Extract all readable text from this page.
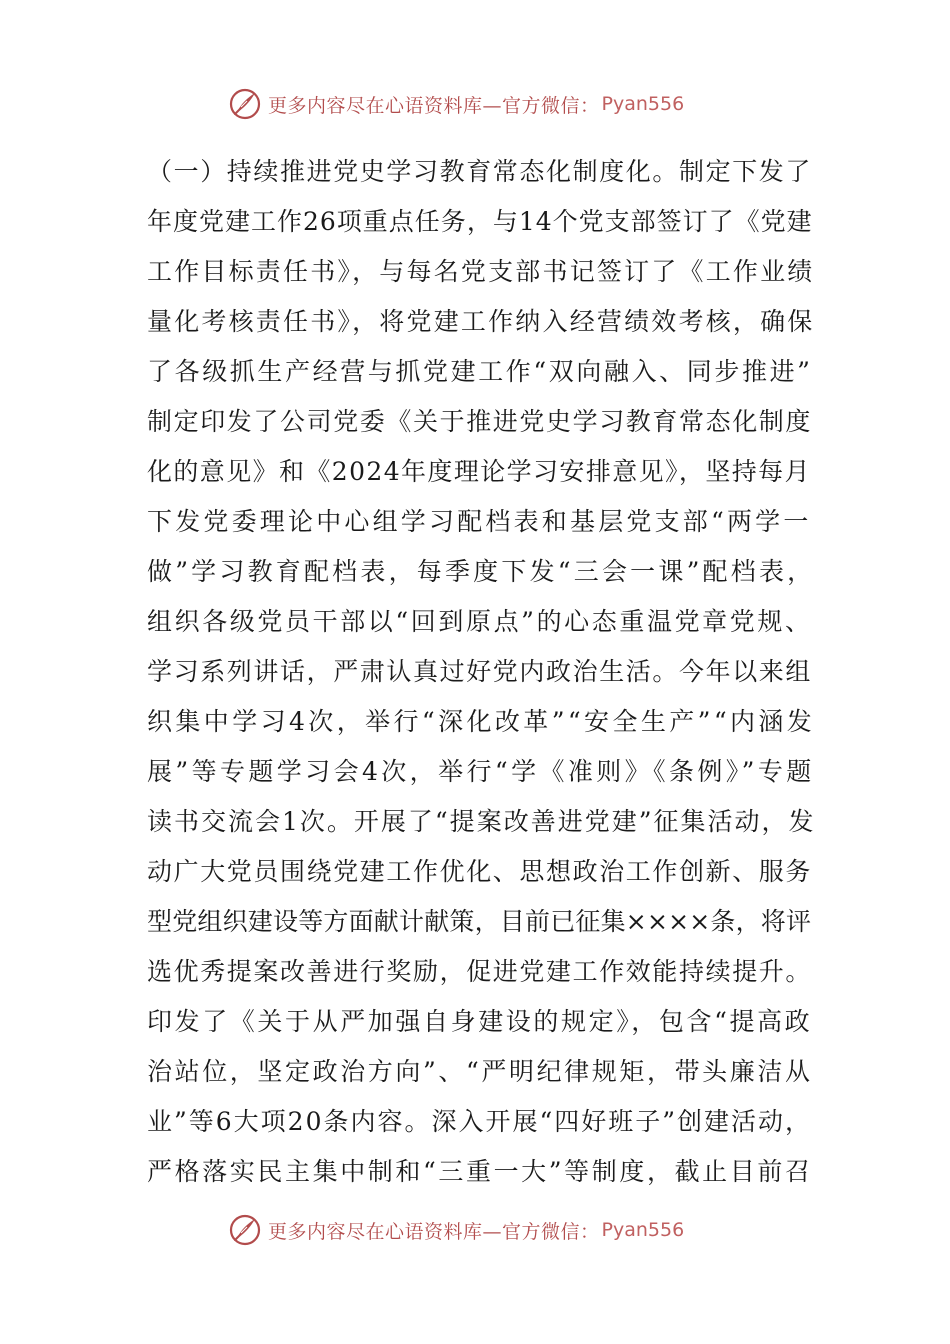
更多内容尽在心语资料库—官方微信： Pyan556
（一）持续推进党史学习教育常态化制度化。制定下发了
年度党建工作26项重点任务，与14个党支部签订了《党建
工作目标责任书》，与每名党支部书记签订了《工作业绩
量化考核责任书》，将党建工作纳入经营绩效考核，确保
了各级抓生产经营与抓党建工作“双向融入、同步推进”
制定印发了公司党委《关于推进党史学习教育常态化制度
化的意见》和《2024年度理论学习安排意见》，坚持每月
下发党委理论中心组学习配档表和基层党支部“两学一
做”学习教育配档表，每季度下发“三会一课”配档表，
组织各级党员干部以“回到原点”的心态重温党章党规、
学习系列讲话，严肃认真过好党内政治生活。今年以来组
织集中学习4次，举行“深化改革”“安全生产”“内涵发
展”等专题学习会4次，举行“学《准则》《条例》”专题
读书交流会1次。开展了“提案改善进党建”征集活动，发
动广大党员围绕党建工作优化、思想政治工作创新、服务
型党组织建设等方面献计献策，目前已征集××××条，将评
选优秀提案改善进行奖励，促进党建工作效能持续提升。
印发了《关于从严加强自身建设的规定》，包含“提高政
治站位，坚定政治方向”、“严明纪律规矩，带头廉洁从
业”等6大项20条内容。深入开展“四好班子”创建活动，
严格落实民主集中制和“三重一大”等制度，截止目前召
更多内容尽在心语资料库—官方微信： Pyan556
